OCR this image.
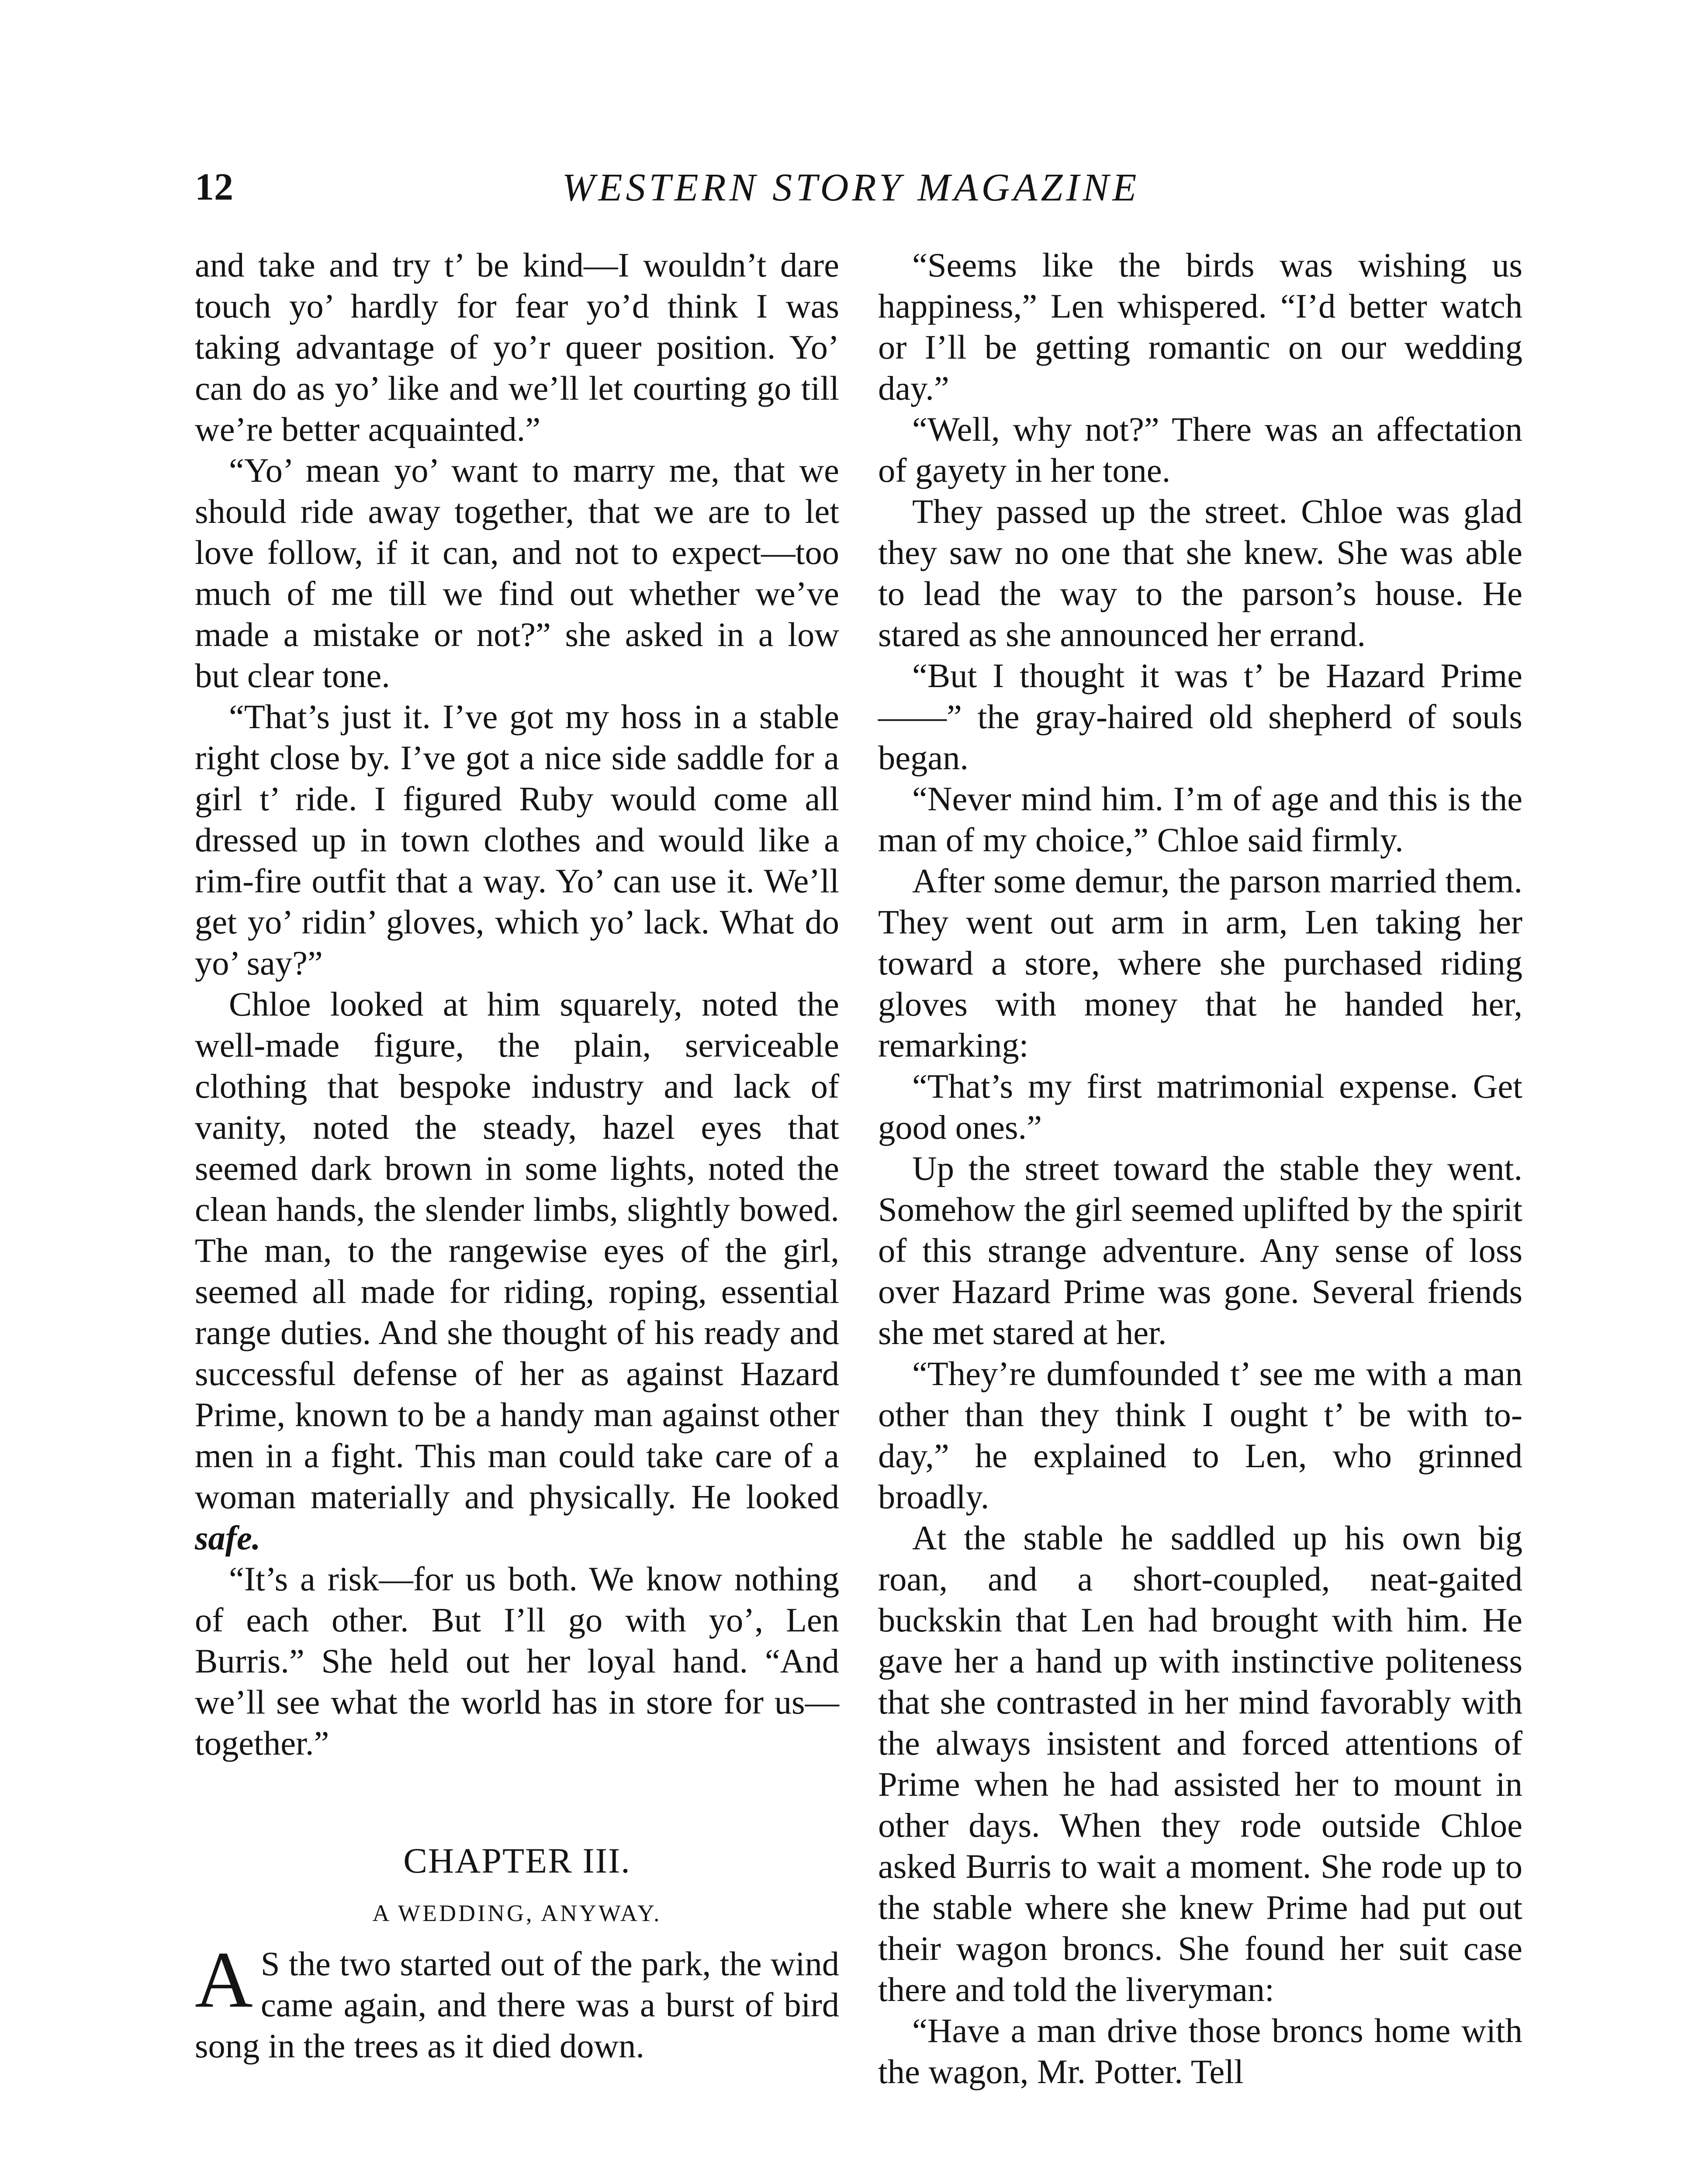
12	WESTERN STORY MAGAZINE

and take and try t’ be kind—I wouldn’t dare touch yo’ hardly for fear yo’d think I was taking advantage of yo’r queer position. Yo’ can do as yo’ like and we’ll let courting go till we’re better acquainted.”

“Yo’ mean yo’ want to marry me, that we should ride away together, that we are to let love follow, if it can, and not to expect—too much of me till we find out whether we’ve made a mistake or not?” she asked in a low but clear tone.

“That’s just it. I’ve got my hoss in a stable right close by. I’ve got a nice side saddle for a girl t’ ride. I figured Ruby would come all dressed up in town clothes and would like a rim-fire outfit that a way. Yo’ can use it. We’ll get yo’ ridin’ gloves, which yo’ lack. What do yo’ say?”

Chloe looked at him squarely, noted the well-made figure, the plain, serviceable clothing that bespoke industry and lack of vanity, noted the steady, hazel eyes that seemed dark brown in some lights, noted the clean hands, the slender limbs, slightly bowed. The man, to the rangewise eyes of the girl, seemed all made for riding, roping, essential range duties. And she thought of his ready and successful defense of her as against Hazard Prime, known to be a handy man against other men in a fight. This man could take care of a woman materially and physically. He looked safe.

“It’s a risk—for us both. We know nothing of each other. But I’ll go with yo’, Len Burris.” She held out her loyal hand. “And we’ll see what the world has in store for us—together.”

CHAPTER III.
A WEDDING, ANYWAY.

A S the two started out of the park, the wind came again, and there was a burst of bird song in the trees as it died down.

“Seems like the birds was wishing us happiness,” Len whispered. “I’d better watch or I’ll be getting romantic on our wedding day.”

“Well, why not?” There was an affectation of gayety in her tone.

They passed up the street. Chloe was glad they saw no one that she knew. She was able to lead the way to the parson’s house. He stared as she announced her errand.

“But I thought it was t’ be Hazard Prime——” the gray-haired old shepherd of souls began.

“Never mind him. I’m of age and this is the man of my choice,” Chloe said firmly.

After some demur, the parson married them. They went out arm in arm, Len taking her toward a store, where she purchased riding gloves with money that he handed her, remarking:

“That’s my first matrimonial expense. Get good ones.”

Up the street toward the stable they went. Somehow the girl seemed uplifted by the spirit of this strange adventure. Any sense of loss over Hazard Prime was gone. Several friends she met stared at her.

“They’re dumfounded t’ see me with a man other than they think I ought t’ be with to-day,” he explained to Len, who grinned broadly.

At the stable he saddled up his own big roan, and a short-coupled, neat-gaited buckskin that Len had brought with him. He gave her a hand up with instinctive politeness that she contrasted in her mind favorably with the always insistent and forced attentions of Prime when he had assisted her to mount in other days. When they rode outside Chloe asked Burris to wait a moment. She rode up to the stable where she knew Prime had put out their wagon broncs. She found her suit case there and told the liveryman:

“Have a man drive those broncs home with the wagon, Mr. Potter. Tell
